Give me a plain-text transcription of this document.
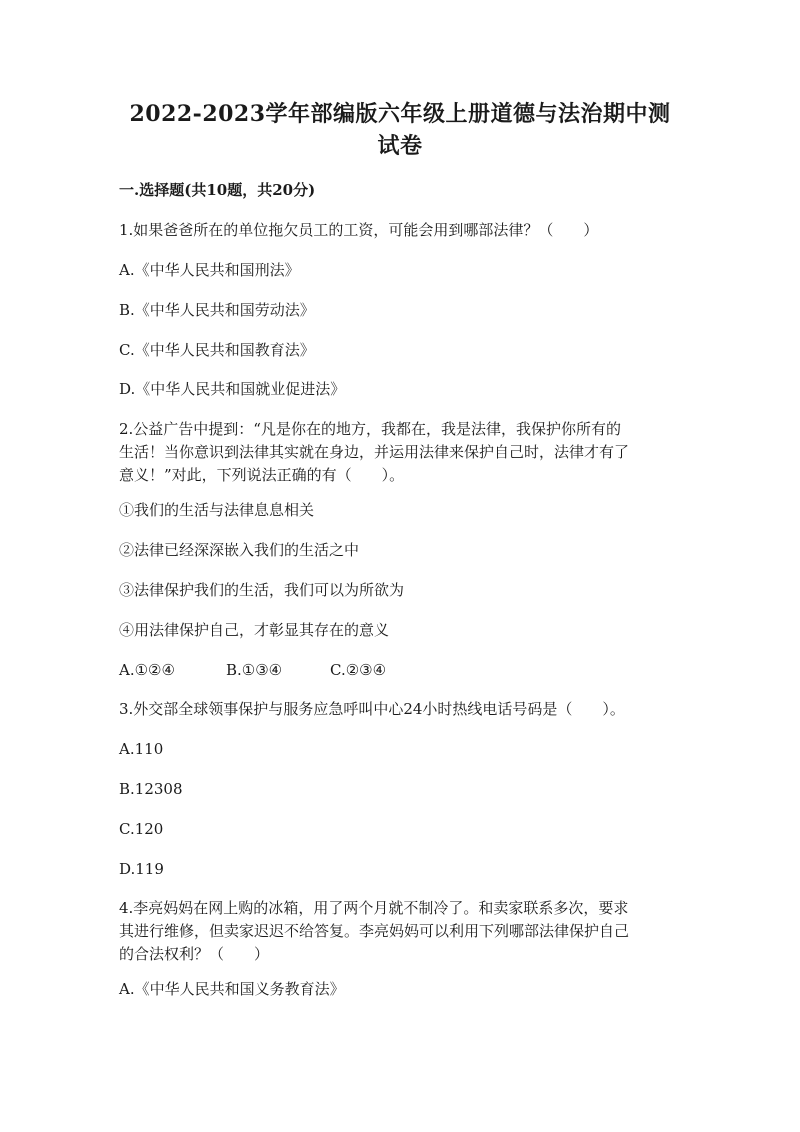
2022-2023学年部编版六年级上册道德与法治期中测
试卷
一.选择题(共10题，共20分)
1.如果爸爸所在的单位拖欠员工的工资，可能会用到哪部法律？（　　）
A.《中华人民共和国刑法》
B.《中华人民共和国劳动法》
C.《中华人民共和国教育法》
D.《中华人民共和国就业促进法》
2.公益广告中提到：“凡是你在的地方，我都在，我是法律，我保护你所有的
生活！当你意识到法律其实就在身边，并运用法律来保护自己时，法律才有了
意义！”对此，下列说法正确的有（　　）。
①我们的生活与法律息息相关
②法律已经深深嵌入我们的生活之中
③法律保护我们的生活，我们可以为所欲为
④用法律保护自己，才彰显其存在的意义
A.①②④	B.①③④	C.②③④
3.外交部全球领事保护与服务应急呼叫中心24小时热线电话号码是（　　）。
A.110
B.12308
C.120
D.119
4.李亮妈妈在网上购的冰箱，用了两个月就不制冷了。和卖家联系多次，要求
其进行维修，但卖家迟迟不给答复。李亮妈妈可以利用下列哪部法律保护自己
的合法权利？（　　）
A.《中华人民共和国义务教育法》
